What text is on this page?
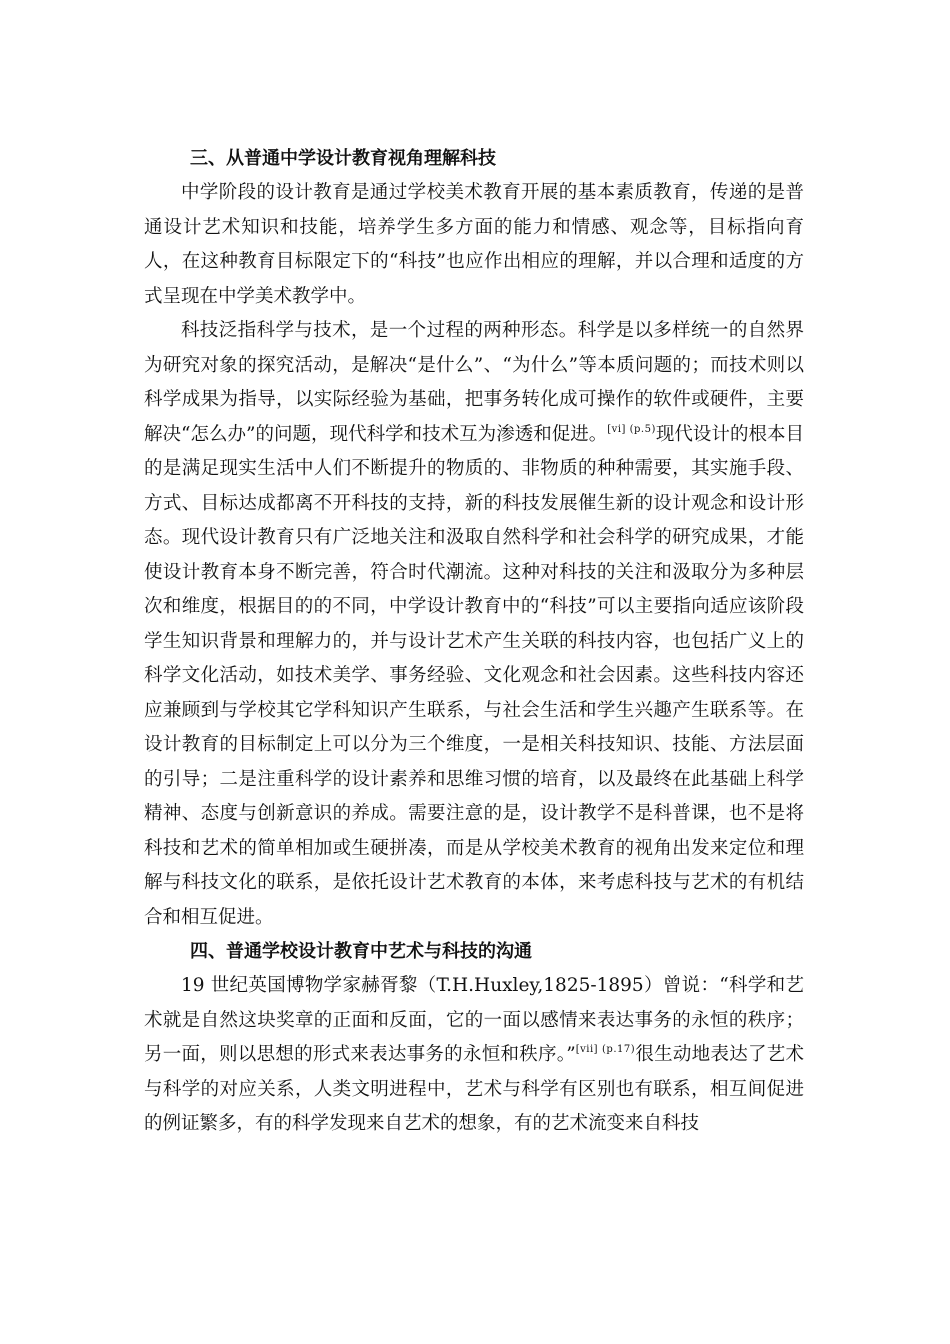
三、从普通中学设计教育视角理解科技

中学阶段的设计教育是通过学校美术教育开展的基本素质教育，传递的是普通设计艺术知识和技能，培养学生多方面的能力和情感、观念等，目标指向育人，在这种教育目标限定下的“科技”也应作出相应的理解，并以合理和适度的方式呈现在中学美术教学中。

科技泛指科学与技术，是一个过程的两种形态。科学是以多样统一的自然界为研究对象的探究活动，是解决“是什么”、“为什么”等本质问题的；而技术则以科学成果为指导，以实际经验为基础，把事务转化成可操作的软件或硬件，主要解决“怎么办”的问题，现代科学和技术互为渗透和促进。$^{[vi] (p.5)}$现代设计的根本目的是满足现实生活中人们不断提升的物质的、非物质的种种需要，其实施手段、方式、目标达成都离不开科技的支持，新的科技发展催生新的设计观念和设计形态。现代设计教育只有广泛地关注和汲取自然科学和社会科学的研究成果，才能使设计教育本身不断完善，符合时代潮流。这种对科技的关注和汲取分为多种层次和维度，根据目的的不同，中学设计教育中的“科技”可以主要指向适应该阶段学生知识背景和理解力的，并与设计艺术产生关联的科技内容，也包括广义上的科学文化活动，如技术美学、事务经验、文化观念和社会因素。这些科技内容还应兼顾到与学校其它学科知识产生联系，与社会生活和学生兴趣产生联系等。在设计教育的目标制定上可以分为三个维度，一是相关科技知识、技能、方法层面的引导；二是注重科学的设计素养和思维习惯的培育，以及最终在此基础上科学精神、态度与创新意识的养成。需要注意的是，设计教学不是科普课，也不是将科技和艺术的简单相加或生硬拼凑，而是从学校美术教育的视角出发来定位和理解与科技文化的联系，是依托设计艺术教育的本体，来考虑科技与艺术的有机结合和相互促进。

四、普通学校设计教育中艺术与科技的沟通

19 世纪英国博物学家赫胥黎（T.H.Huxley,1825-1895）曾说：“科学和艺术就是自然这块奖章的正面和反面，它的一面以感情来表达事务的永恒的秩序；另一面，则以思想的形式来表达事务的永恒和秩序。”$^{[vii] (p.17)}$很生动地表达了艺术与科学的对应关系，人类文明进程中，艺术与科学有区别也有联系，相互间促进的例证繁多，有的科学发现来自艺术的想象，有的艺术流变来自科技
